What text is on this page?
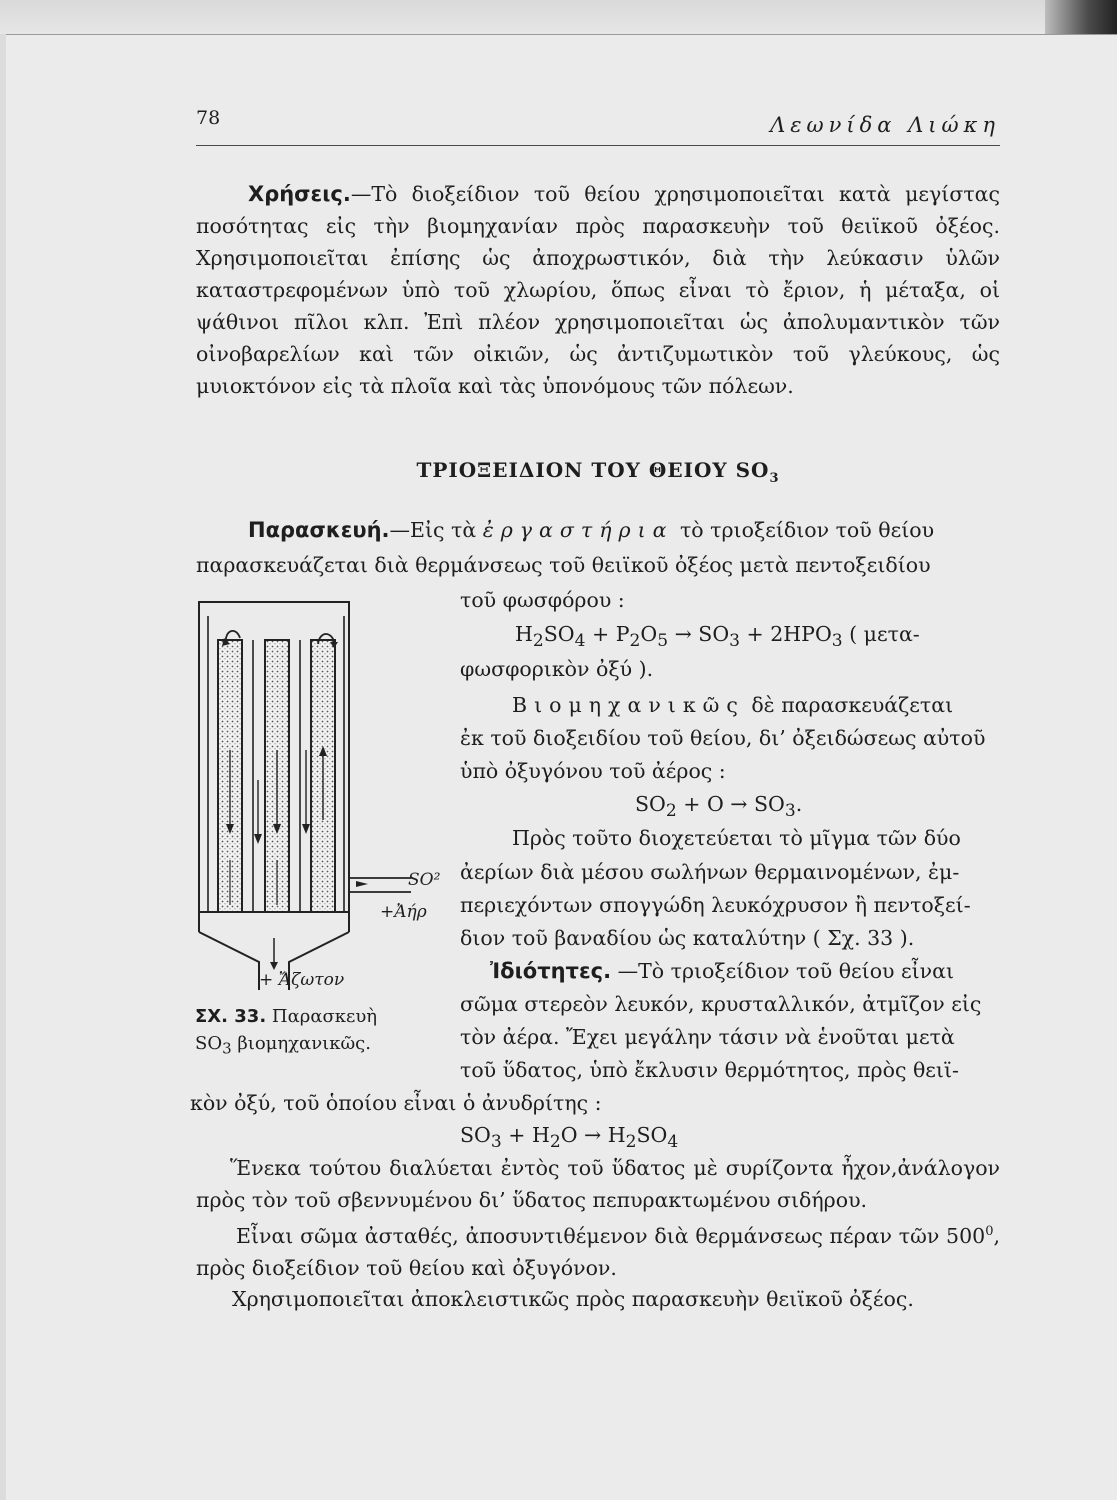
78	Λεωνίδα Λιώκη

Χρήσεις.—Τὸ διοξείδιον τοῦ θείου χρησιμοποιεῖται κατὰ μεγίστας ποσότητας εἰς τὴν βιομηχανίαν πρὸς παρασκευὴν τοῦ θειϊκοῦ ὀξέος. Χρησιμοποιεῖται ἐπίσης ὡς ἀποχρωστικόν, διὰ τὴν λεύκασιν ὑλῶν καταστρεφομένων ὑπὸ τοῦ χλωρίου, ὅπως εἶναι τὸ ἔριον, ἡ μέταξα, οἱ ψάθινοι πῖλοι κλπ. Ἐπὶ πλέον χρησιμοποιεῖται ὡς ἀπολυμαντικὸν τῶν οἰνοβαρελίων καὶ τῶν οἰκιῶν, ὡς ἀντιζυμωτικὸν τοῦ γλεύκους, ὡς μυιοκτόνον εἰς τὰ πλοῖα καὶ τὰς ὑπονόμους τῶν πόλεων.

ΤΡΙΟΞΕΙΔΙΟΝ ΤΟΥ ΘΕΙΟΥ $SO_3$
Παρασκευή.—Εἰς τὰ ἐργαστήρια τὸ τριοξείδιον τοῦ θείου
παρασκευάζεται διὰ θερμάνσεως τοῦ θειϊκοῦ ὀξέος μετὰ πεντοξειδίου
τοῦ φωσφόρου :
$H_2SO_4 + P_2O_5 \to SO_3 + 2HPO_3$ ( μετα-
φωσφορικὸν ὀξύ ).
Βιομηχανικῶς δὲ παρασκευάζεται
ἐκ τοῦ διοξειδίου τοῦ θείου, δι’ ὀξειδώσεως αὐτοῦ
ὑπὸ ὀξυγόνου τοῦ ἀέρος :
$SO_2 + O \to SO_3$.
Πρὸς τοῦτο διοχετεύεται τὸ μῖγμα τῶν δύο
ἀερίων διὰ μέσου σωλήνων θερμαινομένων, ἐμ-
περιεχόντων σπογγώδη λευκόχρυσον ἢ πεντοξεί-
διον τοῦ βαναδίου ὡς καταλύτην ( Σχ. 33 ).
Ἰδιότητες. —Τὸ τριοξείδιον τοῦ θείου εἶναι
σῶμα στερεὸν λευκόν, κρυσταλλικόν, ἀτμῖζον εἰς
τὸν ἀέρα. Ἔχει μεγάλην τάσιν νὰ ἑνοῦται μετὰ
τοῦ ὕδατος, ὑπὸ ἔκλυσιν θερμότητος, πρὸς θειϊ-
κὸν ὀξύ, τοῦ ὁποίου εἶναι ὁ ἀνυδρίτης :
$SO_3 + H_2O \to H_2SO_4$

Ἕνεκα τούτου διαλύεται ἐντὸς τοῦ ὕδατος μὲ συρίζοντα ἦχον,ἀνάλογον πρὸς τὸν τοῦ σβεννυμένου δι’ ὕδατος πεπυρακτωμένου σιδήρου.

Εἶναι σῶμα ἀσταθές, ἀποσυντιθέμενον διὰ θερμάνσεως πέραν τῶν $500^0$, πρὸς διοξείδιον τοῦ θείου καὶ ὀξυγόνον.

Χρησιμοποιεῖται ἀποκλειστικῶς πρὸς παρασκευὴν θειϊκοῦ ὀξέος.

SO²
+Ἀήρ
+ Ἄζωτον
ΣΧ. 33. Παρασκευὴ
$SO_3$ βιομηχανικῶς.
